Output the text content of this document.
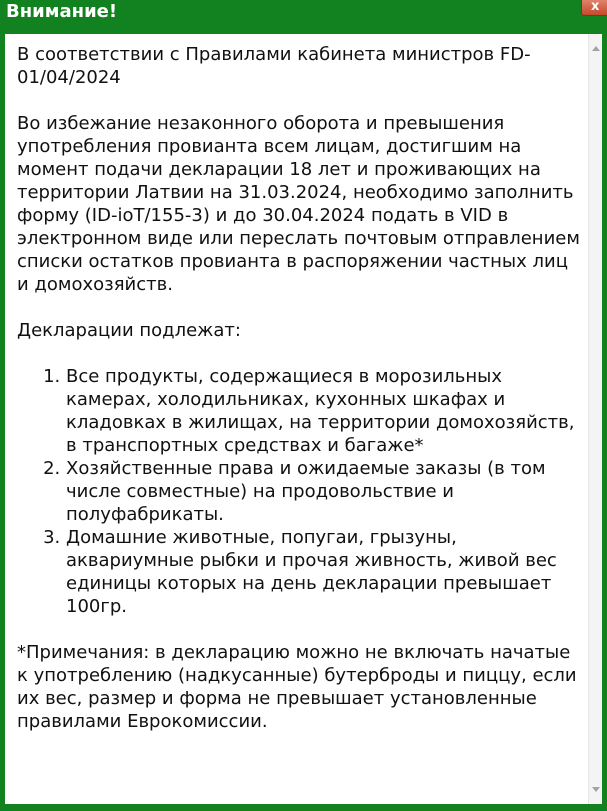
Внимание!	x

В соответствии с Правилами кабинета министров FD-01/04/2024

Во избежание незаконного оборота и превышения употребления провианта всем лицам, достигшим на момент подачи декларации 18 лет и проживающих на территории Латвии на 31.03.2024, необходимо заполнить форму (ID-ioT/155-3) и до 30.04.2024 подать в VID в электронном виде или переслать почтовым отправлением списки остатков провианта в распоряжении частных лиц и домохозяйств.

Декларации подлежат:

1. Все продукты, содержащиеся в морозильных камерах, холодильниках, кухонных шкафах и кладовках в жилищах, на территории домохозяйств, в транспортных средствах и багаже*
2. Хозяйственные права и ожидаемые заказы (в том числе совместные) на продовольствие и полуфабрикаты.
3. Домашние животные, попугаи, грызуны, аквариумные рыбки и прочая живность, живой вес единицы которых на день декларации превышает 100гр.

*Примечания: в декларацию можно не включать начатые к употреблению (надкусанные) бутерброды и пиццу, если их вес, размер и форма не превышает установленные правилами Еврокомиссии.
